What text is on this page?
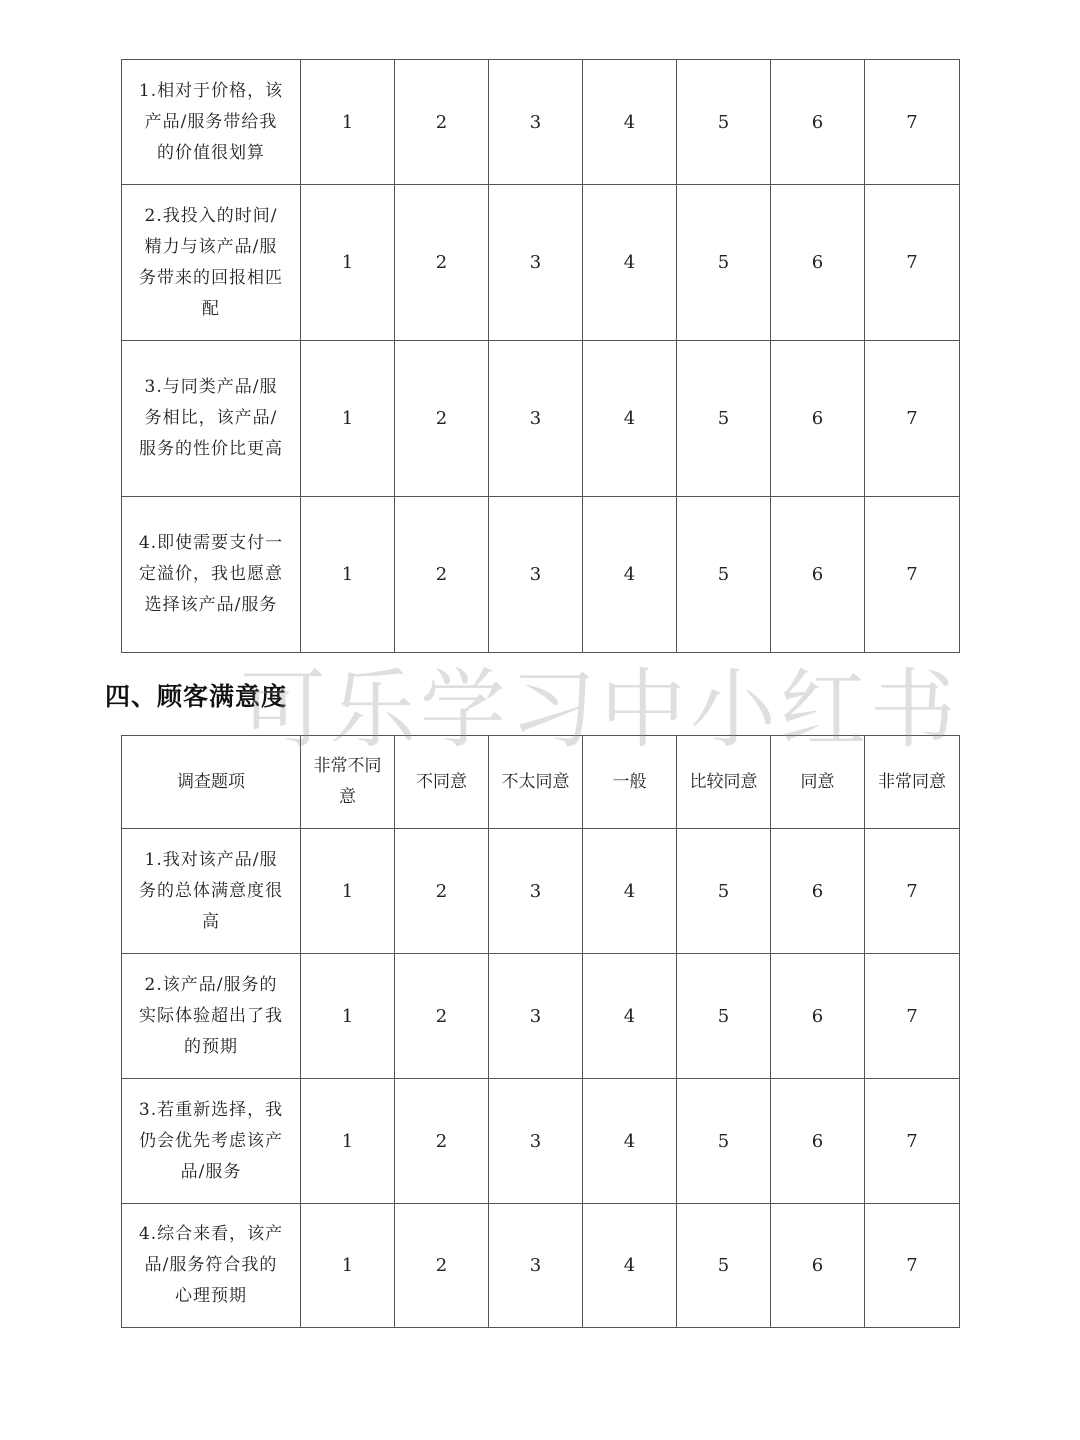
1.相对于价格，该产品/服务带给我的价值很划算	1	2	3	4	5	6	7
2.我投入的时间/精力与该产品/服务带来的回报相匹配	1	2	3	4	5	6	7
3.与同类产品/服务相比，该产品/服务的性价比更高	1	2	3	4	5	6	7
4.即使需要支付一定溢价，我也愿意选择该产品/服务	1	2	3	4	5	6	7
四、顾客满意度
调查题项	非常不同意	不同意	不太同意	一般	比较同意	同意	非常同意
1.我对该产品/服务的总体满意度很高	1	2	3	4	5	6	7
2.该产品/服务的实际体验超出了我的预期	1	2	3	4	5	6	7
3.若重新选择，我仍会优先考虑该产品/服务	1	2	3	4	5	6	7
4.综合来看，该产品/服务符合我的心理预期	1	2	3	4	5	6	7
可乐学习中小红书
